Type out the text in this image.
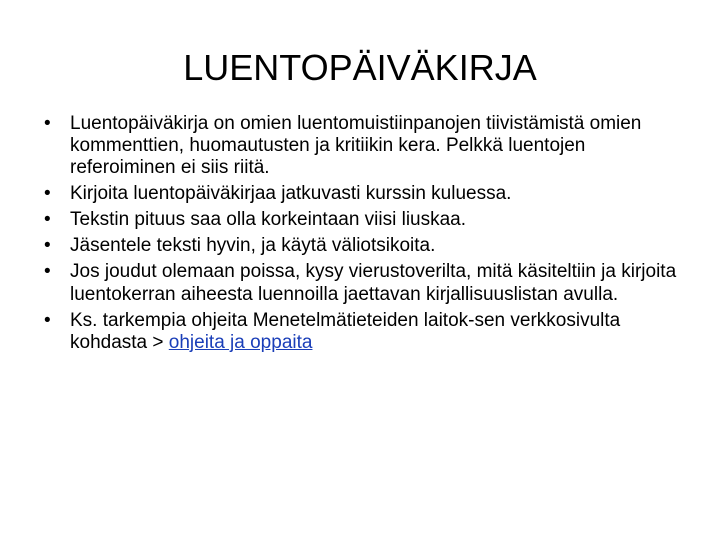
LUENTOPÄIVÄKIRJA
•	Luentopäiväkirja on omien luentomuistiinpanojen tiivistämistä omien kommenttien, huomautusten ja kritiikin kera. Pelkkä luentojen referoiminen ei siis riitä.
•	Kirjoita luentopäiväkirjaa jatkuvasti kurssin kuluessa.
•	Tekstin pituus saa olla korkeintaan viisi liuskaa.
•	Jäsentele teksti hyvin, ja käytä väliotsikoita.
•	Jos joudut olemaan poissa, kysy vierustoverilta, mitä käsiteltiin ja kirjoita luentokerran aiheesta luennoilla jaettavan kirjallisuuslistan avulla.
•	Ks. tarkempia ohjeita Menetelmätieteiden laitok-sen verkkosivulta kohdasta > ohjeita ja oppaita
